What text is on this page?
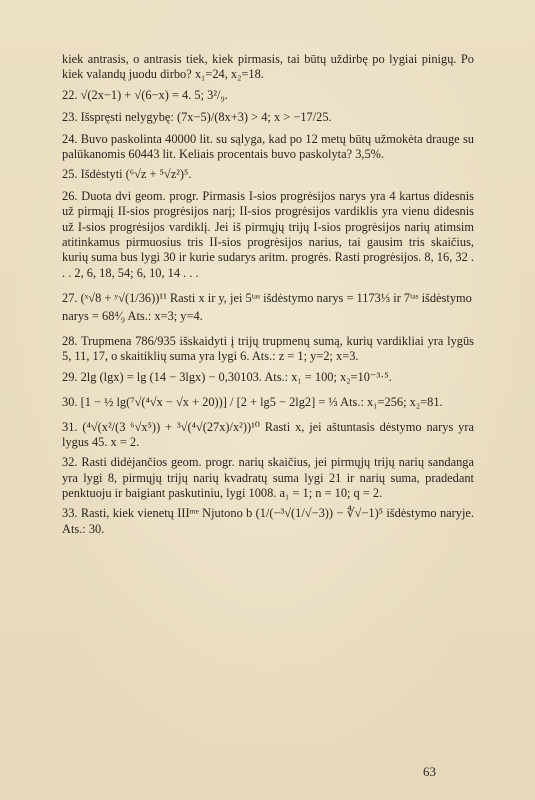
kiek antrasis, o antrasis tiek, kiek pirmasis, tai būtų uždirbę po lygiai pinigų. Po kiek valandų juodu dirbo? x₁=24, x₂=18.

22. √(2x−1) + √(6−x) = 4. 5; 3²/₉.

23. Išspręsti nelygybę: (7x−5)/(8x+3) > 4; x > −17/25.

24. Buvo paskolinta 40000 lit. su sąlyga, kad po 12 metų būtų užmokėta drauge su palūkanomis 60443 lit. Keliais procentais buvo paskolyta? 3,5%.

25. Išdėstyti (⁶√z + ⁵√z²)⁵.

26. Duota dvi geom. progr. Pirmasis I-sios progrėsijos narys yra 4 kartus didesnis už pirmąjį II-sios progrėsijos narį; II-sios progrėsijos vardiklis yra vienu didesnis už I-sios progrėsijos vardiklį. Jei iš pirmųjų trijų I-sios progrėsijos narių atimsim atitinkamus pirmuosius tris II-sios progrėsijos narius, tai gausim tris skaičius, kurių suma bus lygi 30 ir kurie sudarys aritm. progrės. Rasti progrėsijos. 8, 16, 32 . . . 2, 6, 18, 54; 6, 10, 14 . . .

27. (ˣ√8 + ʸ√(1/36))¹¹ Rasti x ir y, jei 5ᵗᵃˢ išdėstymo narys = 1173⅓ ir 7ᵗᵃˢ išdėstymo narys = 68⁴⁄₉ Ats.: x=3; y=4.

28. Trupmena 786/935 išskaidyti į trijų trupmenų sumą, kurių vardikliai yra lygūs 5, 11, 17, o skaitiklių suma yra lygi 6. Ats.: z = 1; y=2; x=3.

29. 2lg (lgx) = lg (14 − 3lgx) − 0,30103. Ats.: x₁ = 100; x₂=10⁻³·⁵.

30. [1 − ½ lg(⁷√(⁴√x − √x + 20))] / [2 + lg5 − 2lg2] = ⅓ Ats.: x₁=256; x₂=81.

31. (⁴√(x²/(3 ⁶√x⁵)) + ³√(⁴√(27x)/x²))¹⁰ Rasti x, jei aštuntasis dėstymo narys yra lygus 45. x = 2.

32. Rasti didėjančios geom. progr. narių skaičius, jei pirmųjų trijų narių sandanga yra lygi 8, pirmųjų trijų narių kvadratų suma lygi 21 ir narių suma, pradedant penktuoju ir baigiant paskutiniu, lygi 1008. a₁ = 1; n = 10; q = 2.

33. Rasti, kiek vienetų IIIᵐᵉ Njutono b (1/(−³√(1/√−3)) − ∜√−1)⁵ išdėstymo naryje. Ats.: 30.

63
